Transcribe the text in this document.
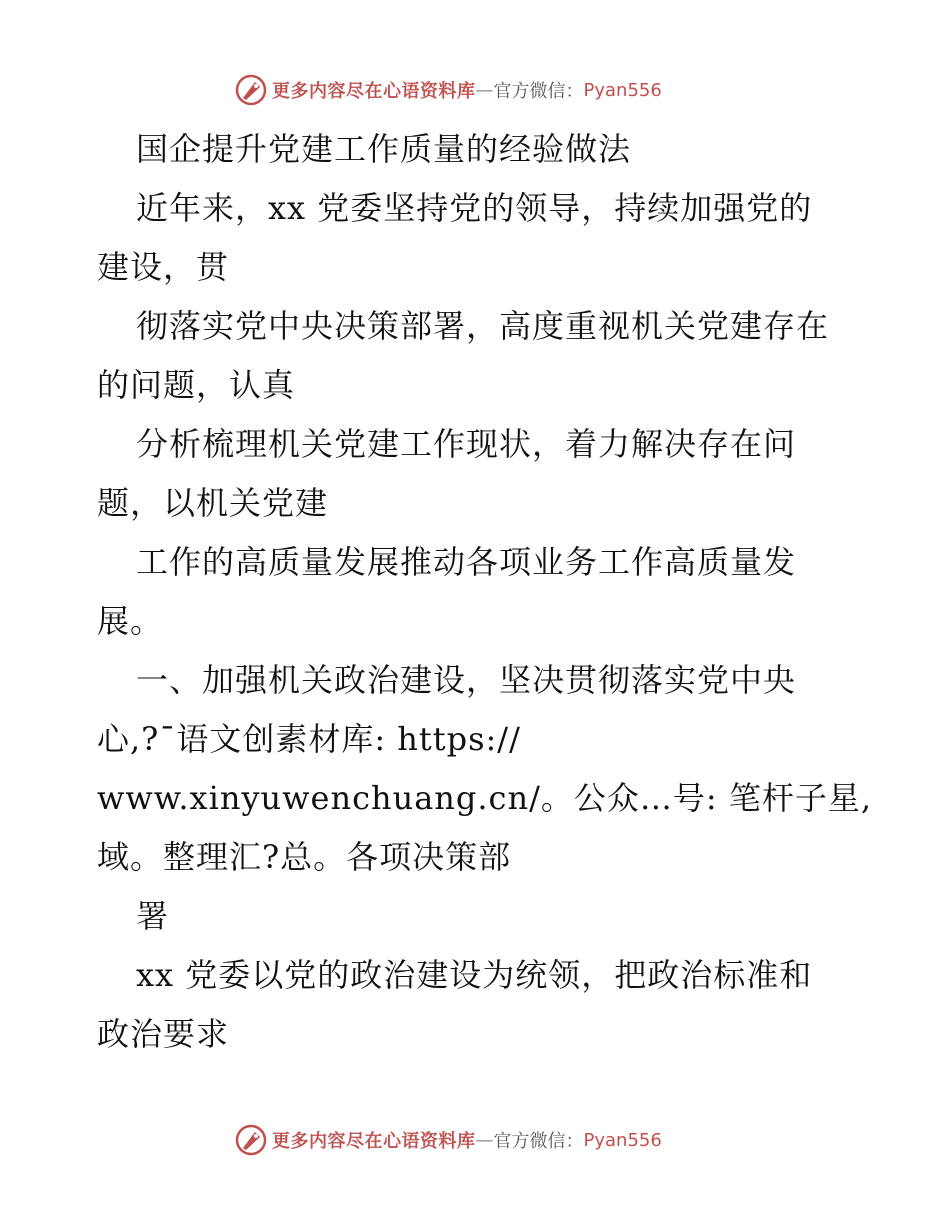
更多内容尽在心语资料库 — 官方微信： Pyan556
国企提升党建工作质量的经验做法
近年来，xx 党委坚持党的领导，持续加强党的
建设，贯
彻落实党中央决策部署，高度重视机关党建存在
的问题，认真
分析梳理机关党建工作现状，着力解决存在问
题，以机关党建
工作的高质量发展推动各项业务工作高质量发
展。
一、加强机关政治建设，坚决贯彻落实党中央
心,?¯语文创素材库: https://
www.xinyuwenchuang.cn/。公众…号: 笔杆子星,
域。整理汇?总。各项决策部
署
xx 党委以党的政治建设为统领，把政治标准和
政治要求
更多内容尽在心语资料库 — 官方微信： Pyan556
